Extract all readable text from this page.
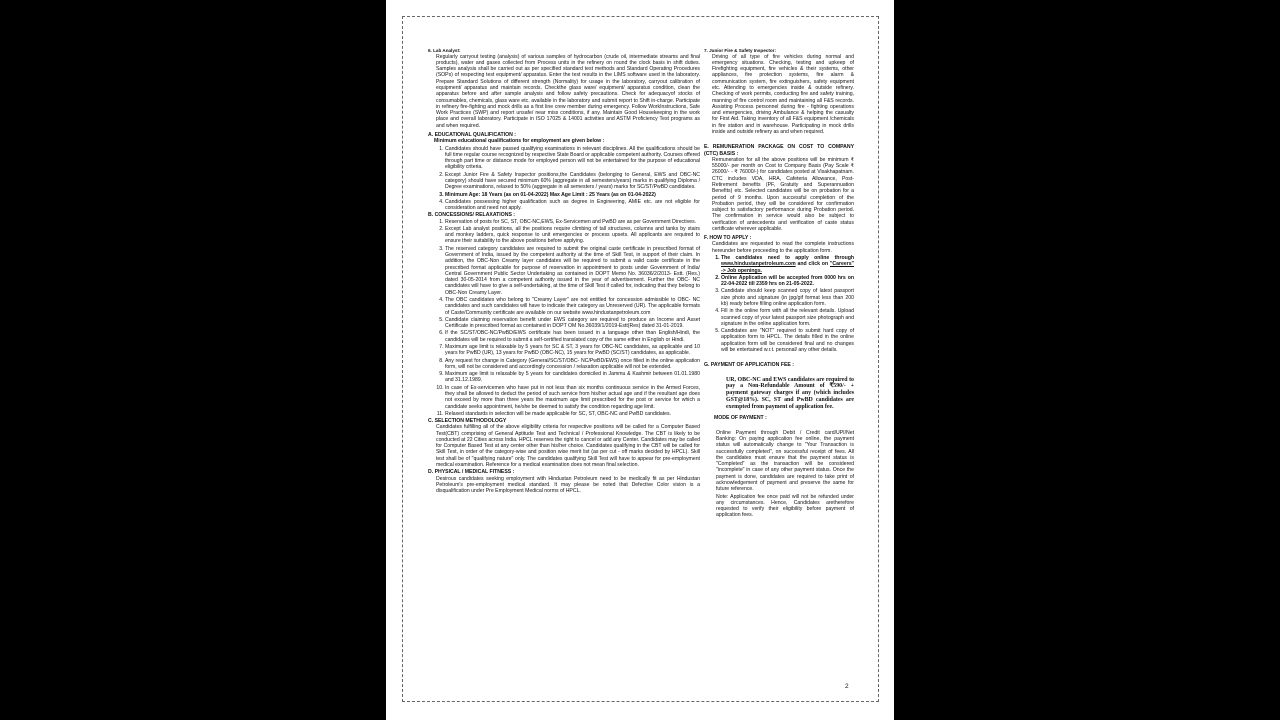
6. Lab Analyst:

Regularly carryout testing (analysis) of various samples of hydrocarbon (crude oil, intermediate streams and final products), water and gases collected from Process units in the refinery on round the clock basis in shift duties. Samples analysis shall be carried out as per specified standard test methods and Standard Operating Procedures (SOPs) of respecting test equipment/ apparatus. Enter the test results in the LIMS software used in the laboratory. Prepare Standard Solutions of different strength (Normality) for usage in the laboratory, carryout calibration of equipment/ apparatus and maintain records. Checkthe glass ware/ equipment/ apparatus condition, clean the apparatus before and after sample analysis and follow safety precautions. Check for adequacyof stocks of consumables, chemicals, glass ware etc. available in the laboratory and submit report to Shift in-charge. Participate in refinery fire-fighting and mock drills as a first line crew member during emergency. Follow WorkInstructions, Safe Work Practices (SWP) and report unsafe/ near miss conditions, if any. Maintain Good Housekeeping in the work place and overall laboratory. Participate in ISO 17025 & 14001 activities and ASTM Proficiency Test programs as and when required.

A. EDUCATIONAL QUALIFICATION :

Minimum educational qualifications for employment are given below :

1. Candidates should have passed qualifying examinations in relevant disciplines. All the qualifications should be full time regular course recognized by respective State Board or applicable competent authority. Courses offered through part time or distance mode for employed person will not be entertained for the purpose of educational eligibility criteria.
2. Except Junior Fire & Safety Inspector positions,the Candidates (belonging to General, EWS and OBC-NC category) should have secured minimum 60% (aggregate in all semesters/years) marks in qualifying Diploma / Degree examinations, relaxed to 50% (aggregate in all semesters / years) marks for SC/ST/PwBD candidates.
3. Minimum Age: 18 Years (as on 01-04-2022) Max Age Limit : 25 Years (as on 01-04-2022)
4. Candidates possessing higher qualification such as degree in Engineering, AMIE etc. are not eligible for consideration and need not apply.

B. CONCESSIONS/ RELAXATIONS :

1. Reservation of posts for SC, ST, OBC-NC,EWS, Ex-Servicemen and PwBD are as per Government Directives.
2. Except Lab analyst positions, all the positions require climbing of tall structures, columns and tanks by stairs and monkey ladders, quick response to unit emergencies or process upsets. All applicants are required to ensure their suitability to the above positions before applying.
3. The reserved category candidates are required to submit the original caste certificate in prescribed format of Government of India, issued by the competent authority at the time of Skill Test, in support of their claim. In addition, the OBC-Non Creamy layer candidates will be required to submit a valid caste certificate in the prescribed format applicable for purpose of reservation in appointment to posts under Government of India/ Central Government Public Sector Undertaking as contained in DOPT Memo No. 36036/2/2013- Estt. (Res.) dated 30-05-2014 from a competent authority issued in the year of advertisement. Further the OBC- NC candidates will have to give a self-undertaking, at the time of Skill Test if called for, indicating that they belong to OBC-Non Creamy Layer.
4. The OBC candidates who belong to "Creamy Layer" are not entitled for concession admissible to OBC- NC candidates and such candidates will have to indicate their category as Unreserved (UR). The applicable formats of Caste/Community certificate are available on our website www.hindustanpetroleum.com
5. Candidate claiming reservation benefit under EWS category are required to produce an Income and Asset Certificate in prescribed format as contained in DOPT OM No.36039/1/2019-Estt(Res) dated 31-01-2019.
6. If the SC/ST/OBC-NC/PwBD/EWS certificate has been issued in a language other than English/Hindi, the candidates will be required to submit a self-certified translated copy of the same either in English or Hindi.
7. Maximum age limit is relaxable by 5 years for SC & ST, 3 years for OBC-NC candidates, as applicable and 10 years for PwBD (UR), 13 years for PwBD (OBC-NC), 15 years for PwBD (SC/ST) candidates, as applicable.
8. Any request for change in Category (General/SC/ST/OBC- NC/PwBD/EWS) once filled in the online application form, will not be considered and accordingly concession / relaxation applicable will not be extended.
9. Maximum age limit is relaxable by 5 years for candidates domiciled in Jammu & Kashmir between 01.01.1980 and 31.12.1989.
10. In case of Ex-servicemen who have put in not less than six months continuous service in the Armed Forces, they shall be allowed to deduct the period of such service from his/her actual age and if the resultant age does not exceed by more than three years the maximum age limit prescribed for the post or service for which a candidate seeks appointment, he/she be deemed to satisfy the condition regarding age limit.
11. Relaxed standards in selection will be made applicable for SC, ST, OBC-NC and PwBD candidates.

C. SELECTION METHODOLOGY

Candidates fulfilling all of the above eligibility criteria for respective positions will be called for a Computer Based Test(CBT) comprising of General Aptitude Test and Technical / Professional Knowledge. The CBT is likely to be conducted at 22 Cities across India. HPCL reserves the right to cancel or add any Center. Candidates may be called for Computer Based Test at any center other than his/her choice. Candidates qualifying in the CBT will be called for Skill Test, in order of the category-wise and position wise merit list (as per cut - off marks decided by HPCL). Skill test shall be of "qualifying nature" only. The candidates qualifying Skill Test will have to appear for pre-employment medical examination. Reference for a medical examination does not mean final selection.

D. PHYSICAL / MEDICAL FITNESS :

Desirous candidates seeking employment with Hindustan Petroleum need to be medically fit as per Hindustan Petroleum's pre-employment medical standard. It may please be noted that Defective Color vision is a disqualification under Pre Employment Medical norms of HPCL.

7. Junior Fire & Safety Inspector:

Driving of all type of fire vehicles during normal and emergency situations. Checking, testing and upkeep of Firefighting equipment, fire vehicles & their systems, other appliances, fire protection systems, fire alarm & communication system, fire extinguishers, safety equipment etc. Attending to emergencies inside & outside refinery. Checking of work permits, conducting fire and safety training, manning of fire control room and maintaining all F&S records. Assisting Process personnel during fire - fighting operations and emergencies, driving Ambulance & helping the casualty for First Aid. Taking inventory of all F&S equipment /chemicals in fire station and in warehouse. Participating in mock drills inside and outside refinery as and when required.

E. REMUNERATION PACKAGE ON COST TO COMPANY (CTC) BASIS :

Remuneration for all the above positions will be minimum ₹ 55000/- per month on Cost to Company Basis (Pay Scale ₹ 26000/- - ₹ 76000/-) for candidates posted at Visakhapatnam. CTC includes VDA, HRA, Cafeteria Allowance, Post- Retirement benefits (PF, Gratuity and Superannuation Benefits) etc. Selected candidates will be on probation for a period of 9 months. Upon successful completion of the Probation period, they will be considered for confirmation subject to satisfactory performance during Probation period. The confirmation in service would also be subject to verification of antecedents and verification of caste status certificate wherever applicable.

F. HOW TO APPLY :

Candidates are requested to read the complete instructions hereunder before proceeding to the application form.

1. The candidates need to apply online through www.hindustanpetroleum.com and click on "Careers" -> Job openings.
2. Online Application will be accepted from 0000 hrs on 22-04-2022 till 2359 hrs on 21-05-2022.
3. Candidate should keep scanned copy of latest passport size photo and signature (in jpg/gif format less than 200 kb) ready before filling online application form.
4. Fill in the online form with all the relevant details. Upload scanned copy of your latest passport size photograph and signature in the online application form.
5. Candidates are "NOT" required to submit hard copy of application form to HPCL. The details filled in the online application form will be considered final and no changes will be entertained w.r.t. personal/ any other details.

G. PAYMENT OF APPLICATION FEE :

UR, OBC-NC and EWS candidates are required to pay a Non-Refundable Amount of ₹590/- + payment gateway charges if any (which includes GST@18%). SC, ST and PwBD candidates are exempted from payment of application fee.

MODE OF PAYMENT :

Online Payment through Debit / Credit card/UPI/Net Banking: On paying application fee online, the payment status will automatically change to "Your Transaction is successfully completed", on successful receipt of fees. All the candidates must ensure that the payment status is "Completed" as the transaction will be considered "incomplete" in case of any other payment status. Once the payment is done, candidates are required to take print of acknowledgement of payment and preserve the same for future reference.

Note: Application fee once paid will not be refunded under any circumstances. Hence, Candidates aretherefore requested to verify their eligibility before payment of application fees.

2
